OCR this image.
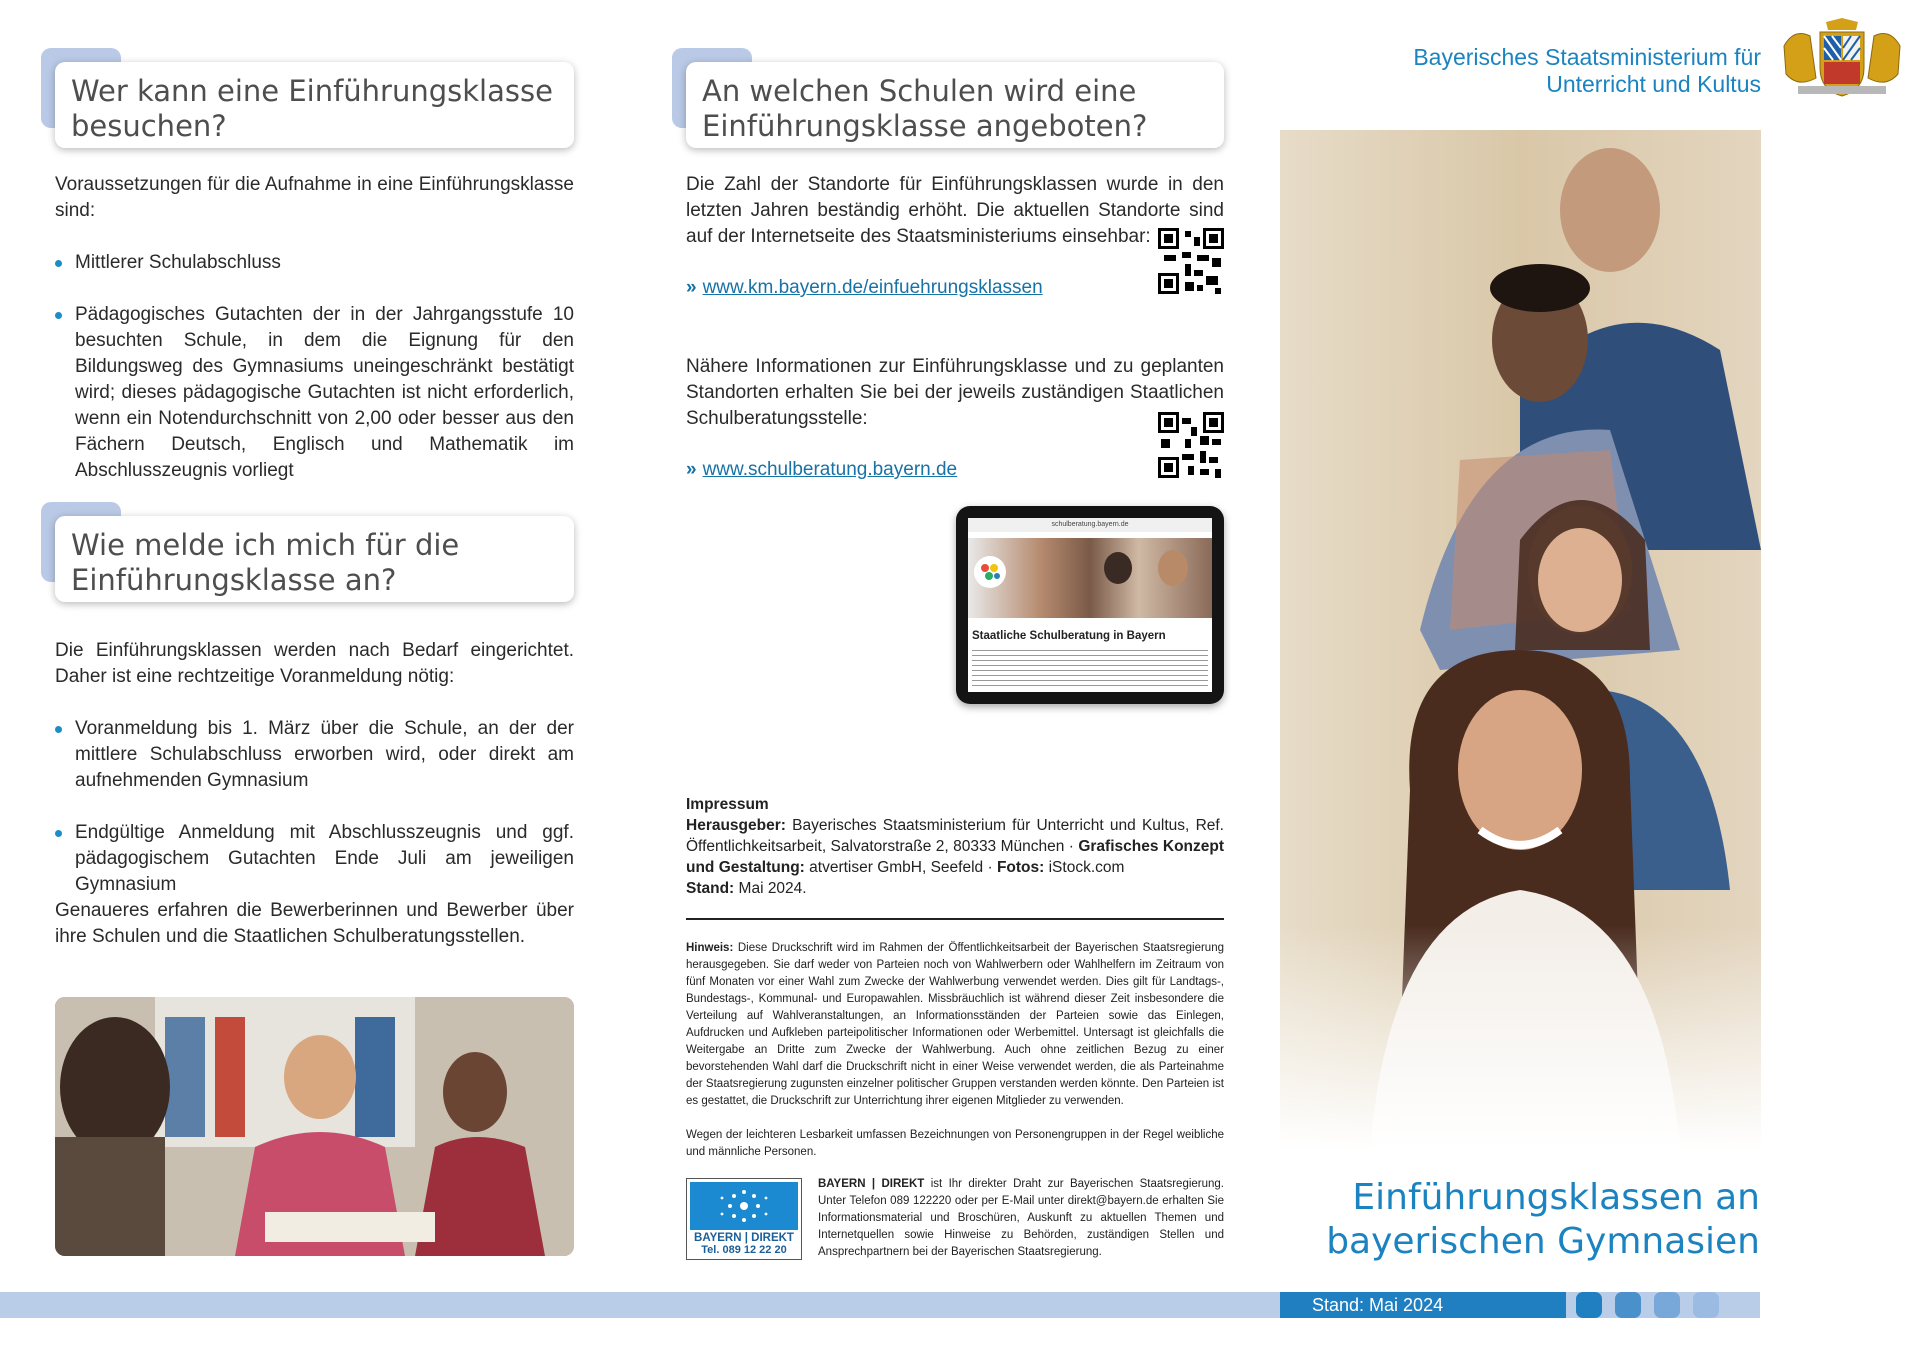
Wer kann eine Einführungsklasse
besuchen?
Voraussetzungen für die Aufnahme in eine Einführungsklasse sind:
Mittlerer Schulabschluss
Pädagogisches Gutachten der in der Jahrgangsstufe 10 besuchten Schule, in dem die Eignung für den Bildungsweg des Gymnasiums uneingeschränkt bestätigt wird; dieses pädagogische Gutachten ist nicht erforderlich, wenn ein Notendurchschnitt von 2,00 oder besser aus den Fächern Deutsch, Englisch und Mathematik im Abschlusszeugnis vorliegt
Wie melde ich mich für die
Einführungsklasse an?
Die Einführungsklassen werden nach Bedarf eingerichtet. Daher ist eine rechtzeitige Voranmeldung nötig:
Voranmeldung bis 1. März über die Schule, an der der mittlere Schulabschluss erworben wird, oder direkt am aufnehmenden Gymnasium
Endgültige Anmeldung mit Abschlusszeugnis und ggf. pädagogischem Gutachten Ende Juli am jeweiligen Gymnasium
Genaueres erfahren die Bewerberinnen und Bewerber über ihre Schulen und die Staatlichen Schulberatungsstellen.
An welchen Schulen wird eine
Einführungsklasse angeboten?
Die Zahl der Standorte für Einführungsklassen wurde in den letzten Jahren beständig erhöht. Die aktuellen Standorte sind auf der Internetseite des Staatsministeriums einsehbar:
» www.km.bayern.de/einfuehrungsklassen
Nähere Informationen zur Einführungsklasse und zu geplanten Standorten erhalten Sie bei der jeweils zuständigen Staatlichen Schulberatungsstelle:
» www.schulberatung.bayern.de
schulberatung.bayern.de
Staatliche Schulberatung in Bayern
Impressum
Herausgeber: Bayerisches Staatsministerium für Unterricht und Kultus, Ref. Öffentlichkeitsarbeit, Salvatorstraße 2, 80333 München · Grafisches Konzept und Gestaltung: atvertiser GmbH, Seefeld · Fotos: iStock.com
Stand: Mai 2024.
Hinweis: Diese Druckschrift wird im Rahmen der Öffentlichkeitsarbeit der Bayerischen Staatsregierung herausgegeben. Sie darf weder von Parteien noch von Wahlwerbern oder Wahlhelfern im Zeitraum von fünf Monaten vor einer Wahl zum Zwecke der Wahlwerbung verwendet werden. Dies gilt für Landtags-, Bundestags-, Kommunal- und Europawahlen. Missbräuchlich ist während dieser Zeit insbesondere die Verteilung auf Wahlveranstaltungen, an Informationsständen der Parteien sowie das Einlegen, Aufdrucken und Aufkleben parteipolitischer Informationen oder Werbemittel. Untersagt ist gleichfalls die Weitergabe an Dritte zum Zwecke der Wahlwerbung. Auch ohne zeitlichen Bezug zu einer bevorstehenden Wahl darf die Druckschrift nicht in einer Weise verwendet werden, die als Parteinahme der Staatsregierung zugunsten einzelner politischer Gruppen verstanden werden könnte. Den Parteien ist es gestattet, die Druckschrift zur Unterrichtung ihrer eigenen Mitglieder zu verwenden.
Wegen der leichteren Lesbarkeit umfassen Bezeichnungen von Personengruppen in der Regel weibliche und männliche Personen.
BAYERN | DIREKT
Tel. 089 12 22 20
BAYERN | DIREKT ist Ihr direkter Draht zur Bayerischen Staatsregierung. Unter Telefon 089 122220 oder per E-Mail unter direkt@bayern.de erhalten Sie Informationsmaterial und Broschüren, Auskunft zu aktuellen Themen und Internetquellen sowie Hinweise zu Behörden, zuständigen Stellen und Ansprechpartnern bei der Bayerischen Staatsregierung.
Bayerisches Staatsministerium für
Unterricht und Kultus
Einführungsklassen an
bayerischen Gymnasien
Stand: Mai 2024
